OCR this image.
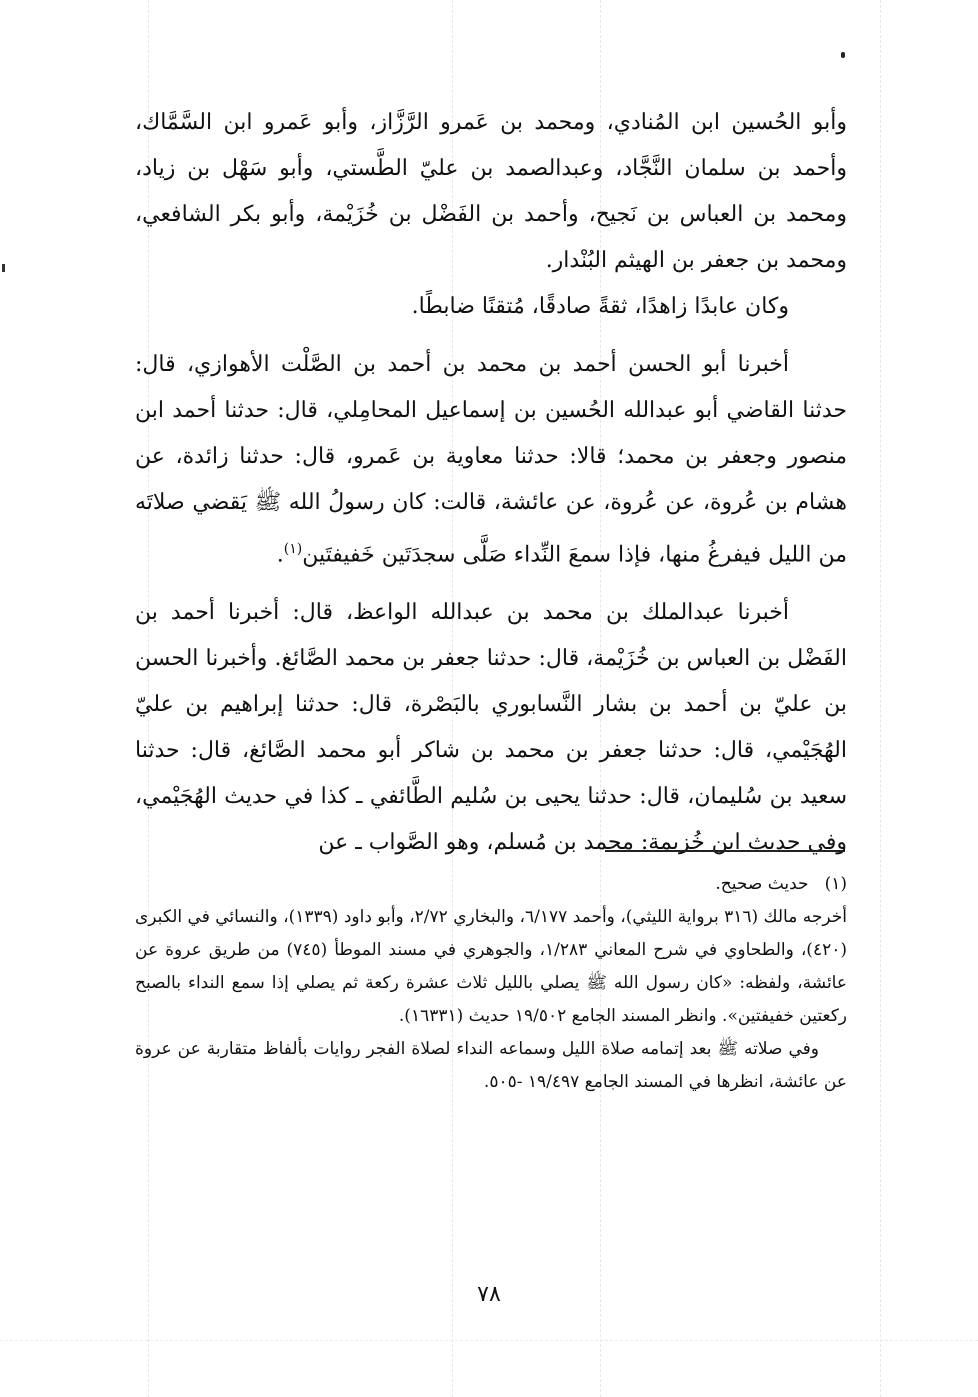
وأبو الحُسين ابن المُنادي، ومحمد بن عَمرو الرَّزَّاز، وأبو عَمرو ابن السَّمَّاك، وأحمد بن سلمان النَّجَّاد، وعبدالصمد بن عليّ الطَّستي، وأبو سَهْل بن زياد، ومحمد بن العباس بن نَجيح، وأحمد بن الفَضْل بن خُزَيْمة، وأبو بكر الشافعي، ومحمد بن جعفر بن الهيثم البُنْدار.

وكان عابدًا زاهدًا، ثقةً صادقًا، مُتقنًا ضابطًا.

أخبرنا أبو الحسن أحمد بن محمد بن أحمد بن الصَّلْت الأهوازي، قال: حدثنا القاضي أبو عبدالله الحُسين بن إسماعيل المحامِلي، قال: حدثنا أحمد ابن منصور وجعفر بن محمد؛ قالا: حدثنا معاوية بن عَمرو، قال: حدثنا زائدة، عن هشام بن عُروة، عن عُروة، عن عائشة، قالت: كان رسولُ الله ﷺ يَقضي صلاتَه من الليل فيفرغُ منها، فإذا سمعَ النِّداء صَلَّى سجدَتَين خَفيفتَين$^{(١)}$.

أخبرنا عبدالملك بن محمد بن عبدالله الواعظ، قال: أخبرنا أحمد بن الفَضْل بن العباس بن خُزَيْمة، قال: حدثنا جعفر بن محمد الصَّائغ. وأخبرنا الحسن بن عليّ بن أحمد بن بشار النَّسابوري بالبَصْرة، قال: حدثنا إبراهيم بن عليّ الهُجَيْمي، قال: حدثنا جعفر بن محمد بن شاكر أبو محمد الصَّائغ، قال: حدثنا سعيد بن سُليمان، قال: حدثنا يحيى بن سُليم الطَّائفي ـ كذا في حديث الهُجَيْمي، وفي حديث ابن خُزيمة: محمد بن مُسلم، وهو الصَّواب ـ عن

(١)حديث صحيح.

أخرجه مالك (٣١٦ برواية الليثي)، وأحمد ٦/١٧٧، والبخاري ٢/٧٢، وأبو داود (١٣٣٩)، والنسائي في الكبرى (٤٢٠)، والطحاوي في شرح المعاني ١/٢٨٣، والجوهري في مسند الموطأ (٧٤٥) من طريق عروة عن عائشة، ولفظه: «كان رسول الله ﷺ يصلي بالليل ثلاث عشرة ركعة ثم يصلي إذا سمع النداء بالصبح ركعتين خفيفتين». وانظر المسند الجامع ١٩/٥٠٢ حديث (١٦٣٣١).

وفي صلاته ﷺ بعد إتمامه صلاة الليل وسماعه النداء لصلاة الفجر روايات بألفاظ متقاربة عن عروة عن عائشة، انظرها في المسند الجامع ١٩/٤٩٧ -٥٠٥.

٧٨
